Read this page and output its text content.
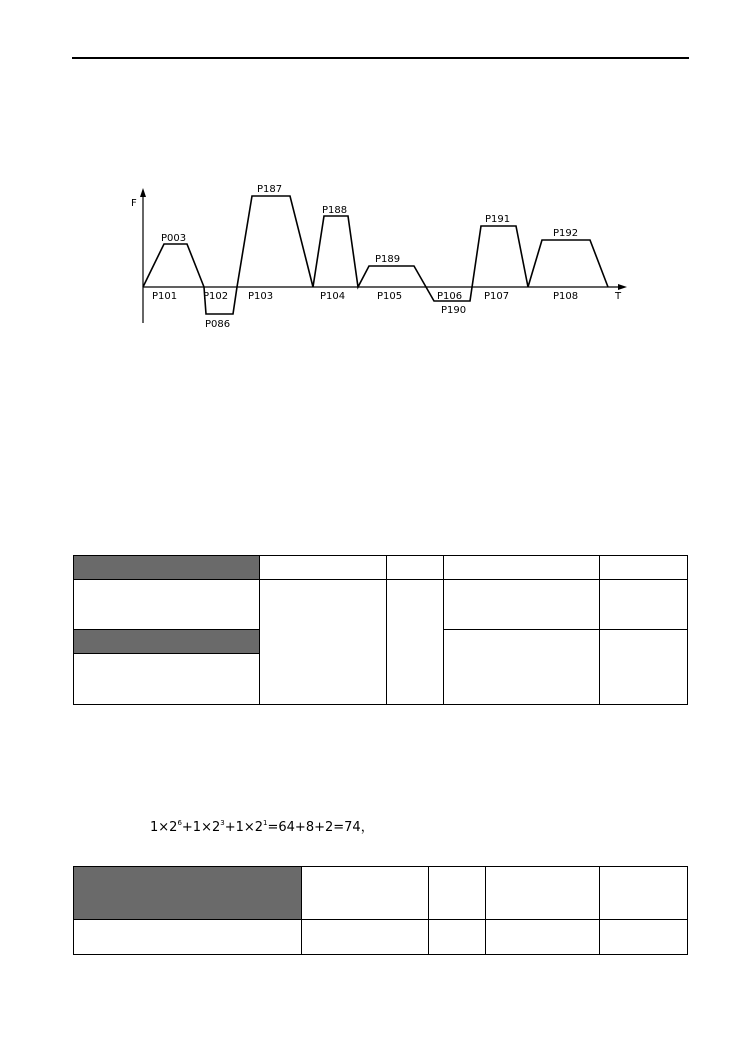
P003
P187
P188
P189
P191
P192
P086
P190
P101	P102 P103	P104	P105	P106 P107	P108
F
T

$1\times 2^6+1\times 2^3+1\times 2^1=64+8+2=74$，
